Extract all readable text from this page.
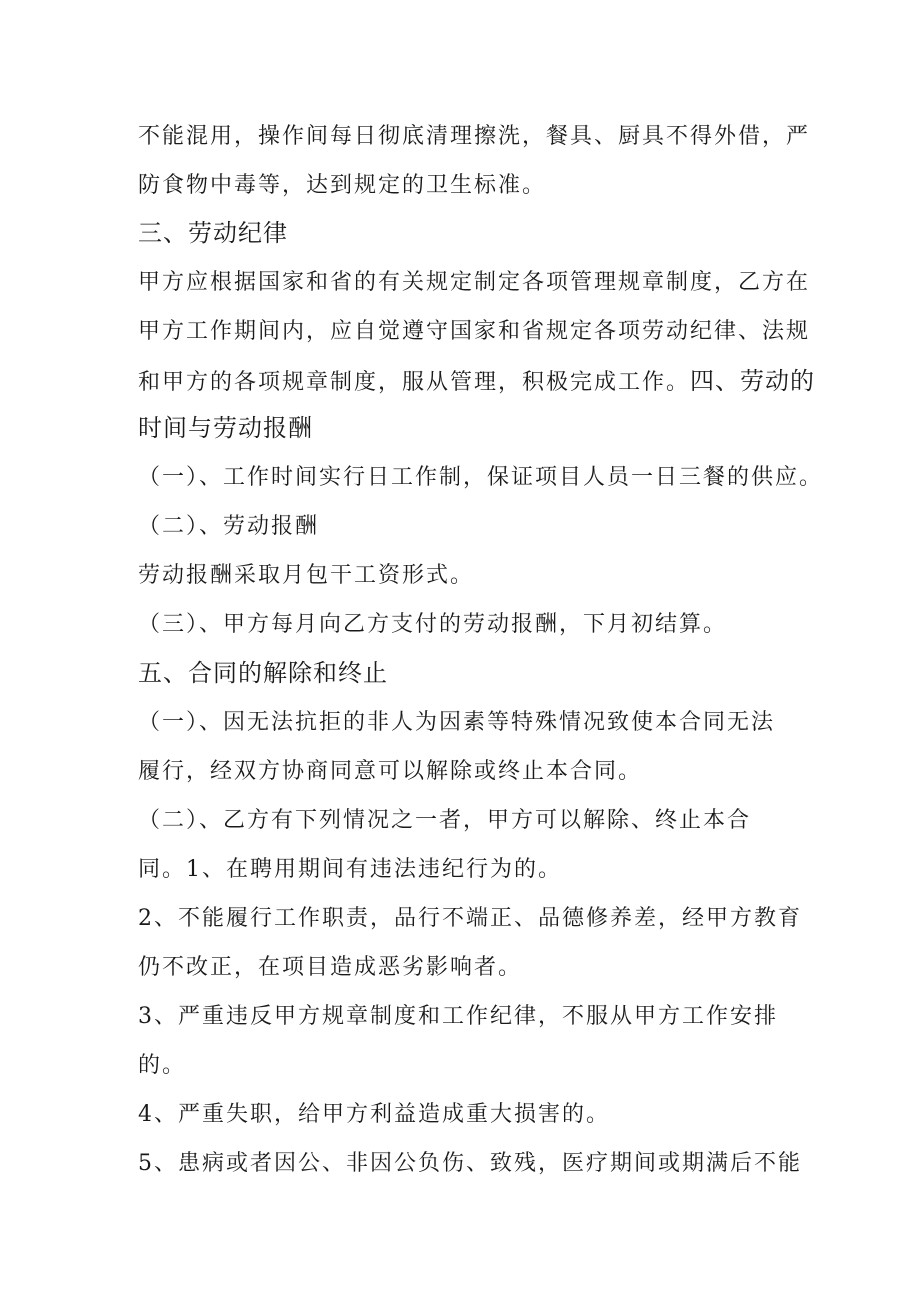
不能混用，操作间每日彻底清理擦洗，餐具、厨具不得外借，严
防食物中毒等，达到规定的卫生标准。
三、劳动纪律
甲方应根据国家和省的有关规定制定各项管理规章制度，乙方在
甲方工作期间内，应自觉遵守国家和省规定各项劳动纪律、法规
和甲方的各项规章制度，服从管理，积极完成工作。四、劳动的
时间与劳动报酬
（一）、工作时间实行日工作制，保证项目人员一日三餐的供应。
（二）、劳动报酬
劳动报酬采取月包干工资形式。
（三）、甲方每月向乙方支付的劳动报酬，下月初结算。
五、合同的解除和终止
（一）、因无法抗拒的非人为因素等特殊情况致使本合同无法
履行，经双方协商同意可以解除或终止本合同。
（二）、乙方有下列情况之一者，甲方可以解除、终止本合
同。1、在聘用期间有违法违纪行为的。
2、不能履行工作职责，品行不端正、品德修养差，经甲方教育
仍不改正，在项目造成恶劣影响者。
3、严重违反甲方规章制度和工作纪律，不服从甲方工作安排
的。
4、严重失职，给甲方利益造成重大损害的。
5、患病或者因公、非因公负伤、致残，医疗期间或期满后不能
